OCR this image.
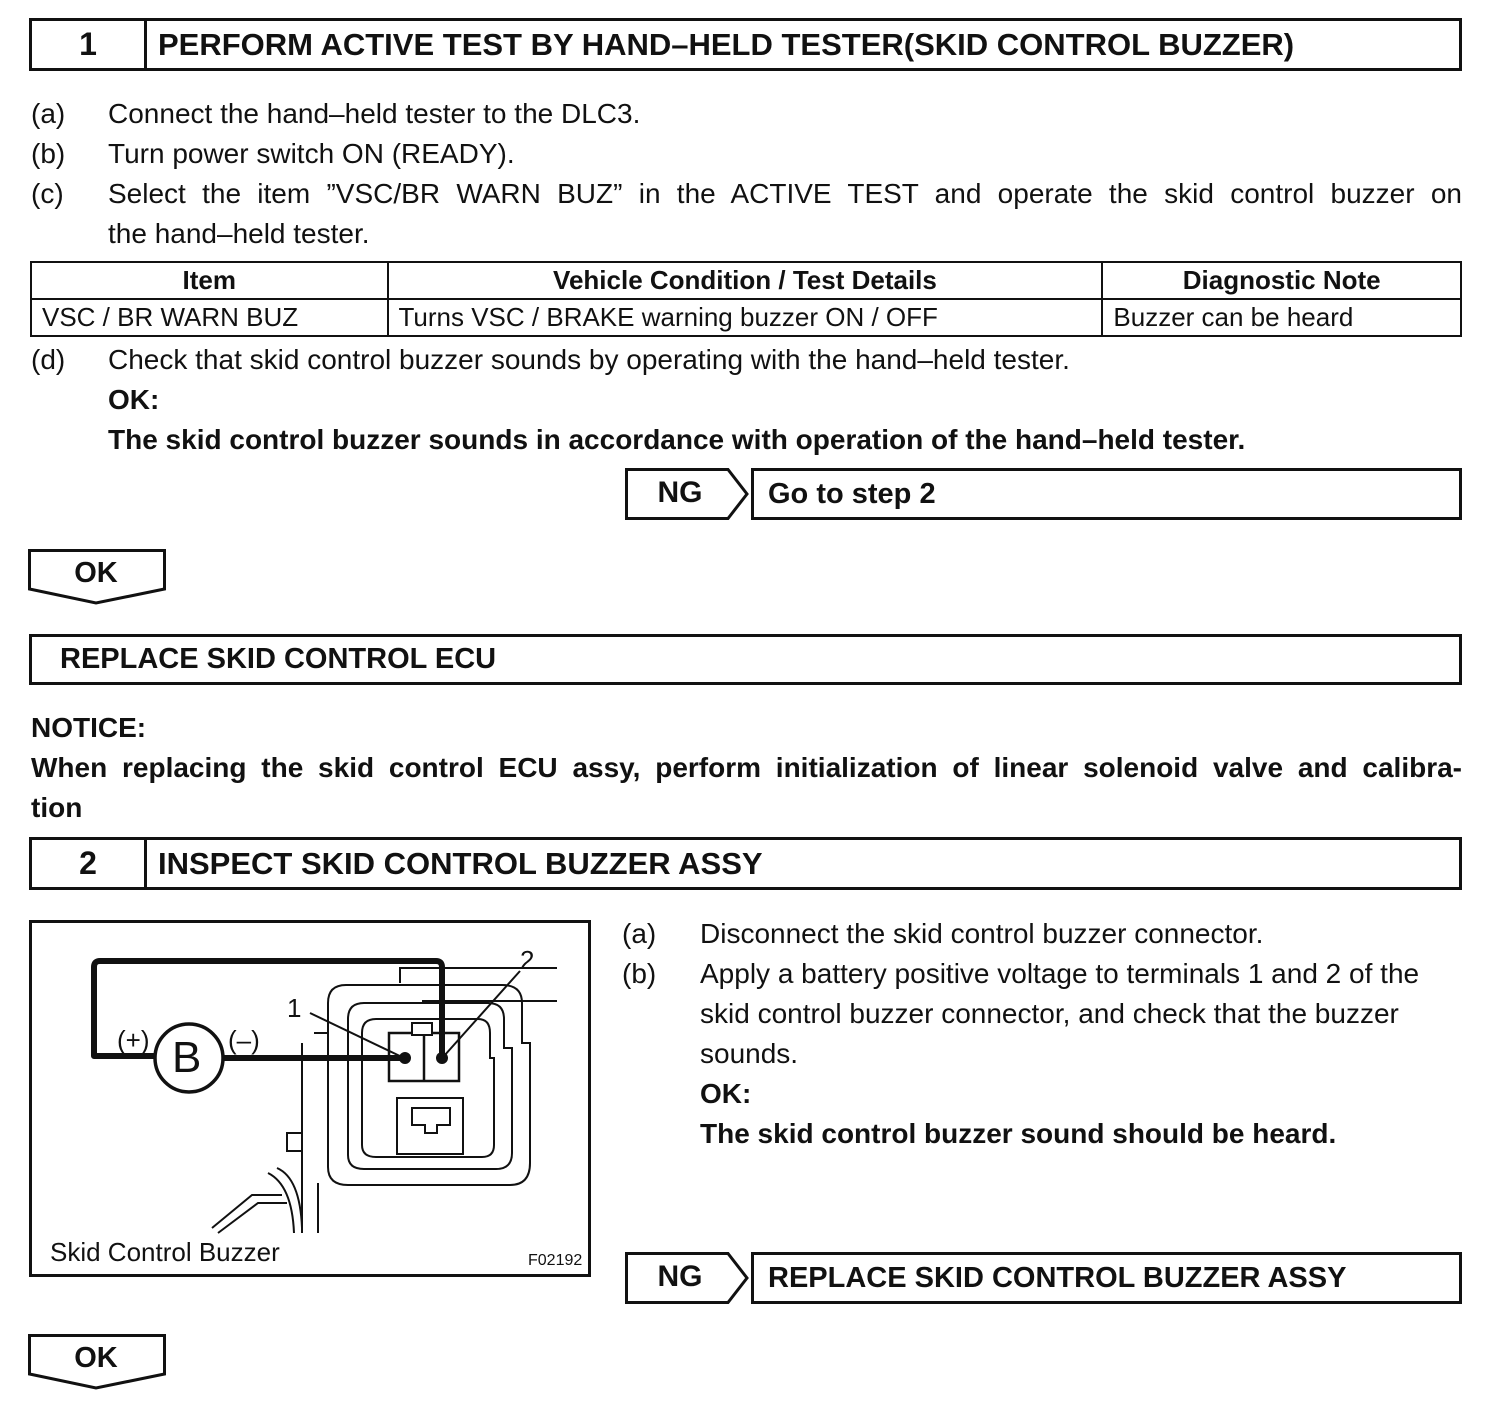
1	PERFORM ACTIVE TEST BY HAND–HELD TESTER(SKID CONTROL BUZZER)
(a) Connect the hand–held tester to the DLC3.
(b) Turn power switch ON (READY).
(c) Select the item ”VSC/BR WARN BUZ” in the ACTIVE TEST and operate the skid control buzzer on
the hand–held tester.
Item	Vehicle Condition / Test Details	Diagnostic Note
VSC / BR WARN BUZ	Turns VSC / BRAKE warning buzzer ON / OFF	Buzzer can be heard
(d) Check that skid control buzzer sounds by operating with the hand–held tester.
OK:
The skid control buzzer sounds in accordance with operation of the hand–held tester.
NG	Go to step 2
OK
REPLACE SKID CONTROL ECU
NOTICE:
When replacing the skid control ECU assy, perform initialization of linear solenoid valve and calibra-
tion
2	INSPECT SKID CONTROL BUZZER ASSY
B
(+)	(–)
1
2
Skid Control Buzzer	F02192
(a) Disconnect the skid control buzzer connector.
(b) Apply a battery positive voltage to terminals 1 and 2 of the
skid control buzzer connector, and check that the buzzer
sounds.
OK:
The skid control buzzer sound should be heard.
NG	REPLACE SKID CONTROL BUZZER ASSY
OK
